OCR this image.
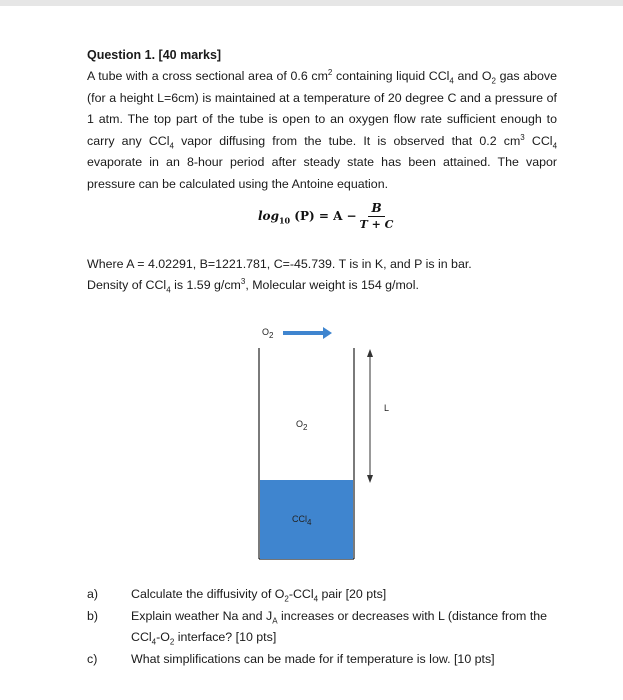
Question 1. [40 marks]

A tube with a cross sectional area of 0.6 $cm^2$ containing liquid CCl$_4$ and $O_2$ gas above (for a height L=6cm) is maintained at a temperature of 20 degree C and a pressure of 1 atm. The top part of the tube is open to an oxygen flow rate sufficient enough to carry any CCl$_4$ vapor diffusing from the tube. It is observed that 0.2 $cm^3$ CCl$_4$ evaporate in an 8-hour period after steady state has been attained. The vapor pressure can be calculated using the Antoine equation.

$\log_{10} (P) = A - \frac{B}{T + C}$

Where A = 4.02291, B=1221.781, C=-45.739. T is in K, and P is in bar.

Density of CCl$_4$ is 1.59 $g/cm^3$, Molecular weight is 154 g/mol.

$O_2$
$O_2$
CCl$_4$
L
a)	Calculate the diffusivity of $O_2-CCl_4$ pair [20 pts]
b)	Explain weather Na and $J_A$ increases or decreases with L (distance from the $CCl_4-O_2$ interface? [10 pts]
c)	What simplifications can be made for if temperature is low. [10 pts]
